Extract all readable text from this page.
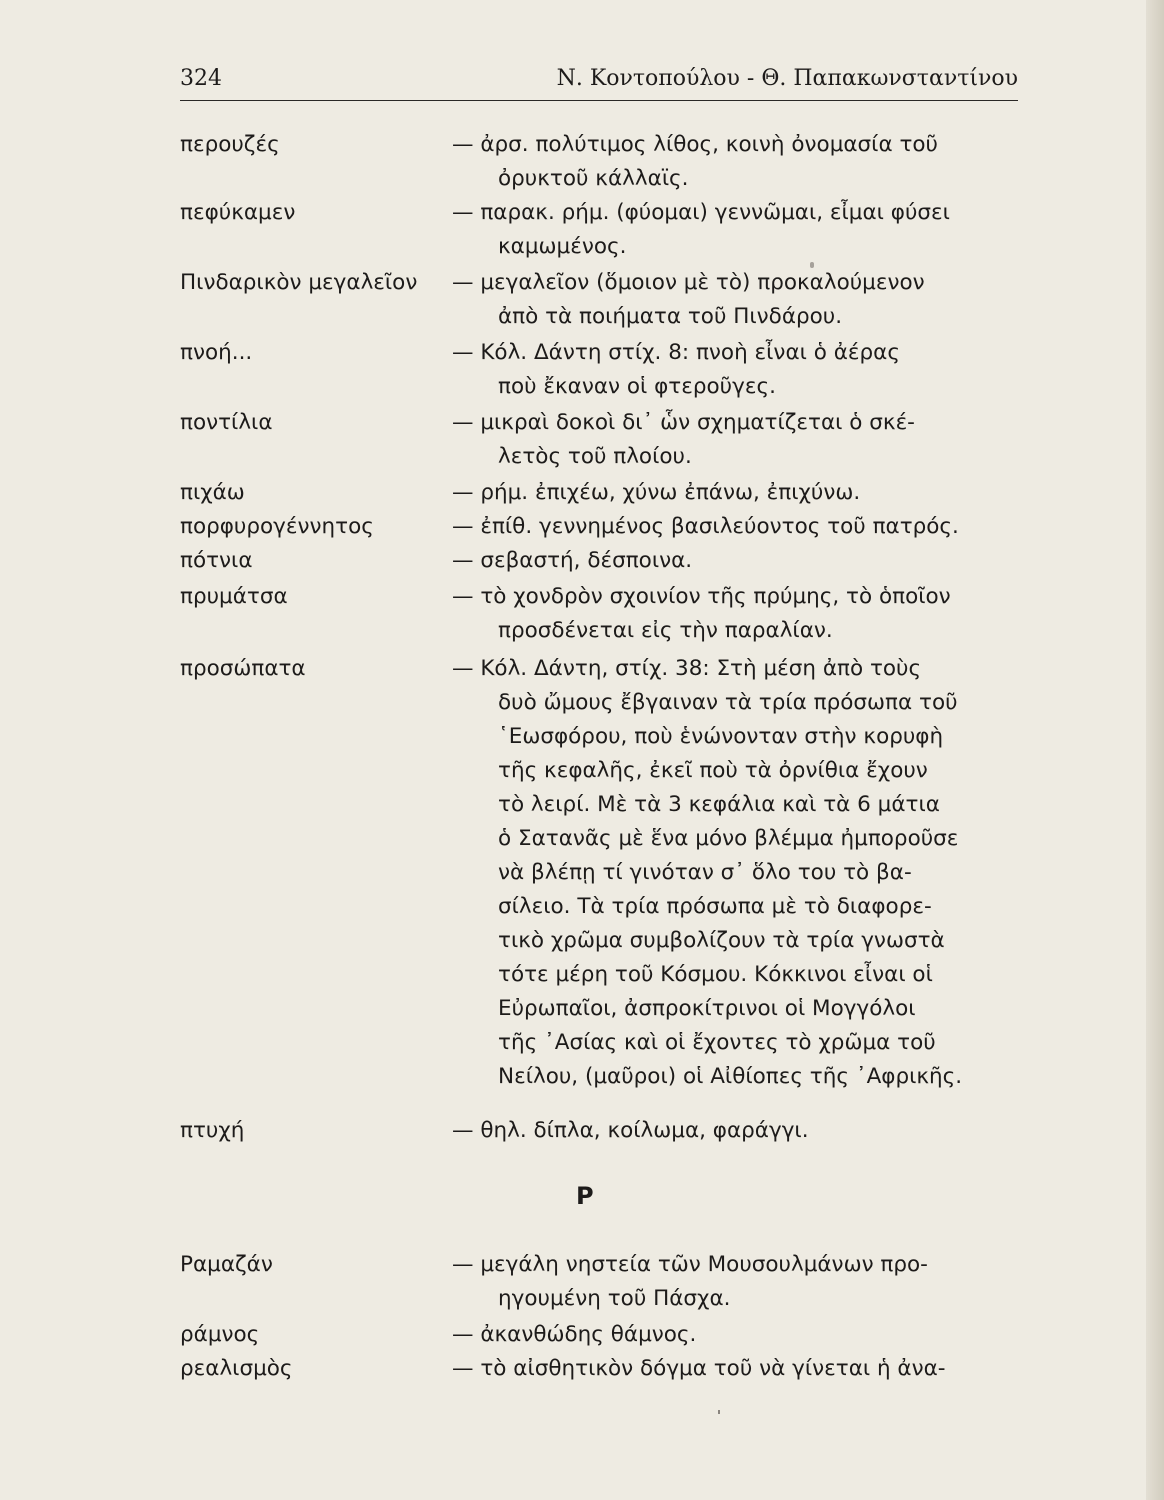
324	Ν. Κοντοπούλου - Θ. Παπακωνσταντίνου
περουζές	— ἀρσ. πολύτιμος λίθος, κοινὴ ὀνομασία τοῦ
ὀρυκτοῦ κάλλαϊς.
πεφύκαμεν	— παρακ. ρήμ. (φύομαι) γεννῶμαι, εἶμαι φύσει
καμωμένος.
Πινδαρικὸν μεγαλεῖον — μεγαλεῖον (ὅμοιον μὲ τὸ) προκαλούμενον
ἀπὸ τὰ ποιήματα τοῦ Πινδάρου.
πνοή...	— Κόλ. Δάντη στίχ. 8: πνοὴ εἶναι ὁ ἀέρας
ποὺ ἔκαναν οἱ φτεροῦγες.
ποντίλια	— μικραὶ δοκοὶ δι᾽ ὧν σχηματίζεται ὁ σκέ-
λετὸς τοῦ πλοίου.
πιχάω	— ρήμ. ἐπιχέω, χύνω ἐπάνω, ἐπιχύνω.
πορφυρογέννητος	— ἐπίθ. γεννημένος βασιλεύοντος τοῦ πατρός.
πότνια	— σεβαστή, δέσποινα.
πρυμάτσα	— τὸ χονδρὸν σχοινίον τῆς πρύμης, τὸ ὁποῖον
προσδένεται εἰς τὴν παραλίαν.
προσώπατα	— Κόλ. Δάντη, στίχ. 38: Στὴ μέση ἀπὸ τοὺς
δυὸ ὤμους ἔβγαιναν τὰ τρία πρόσωπα τοῦ
῾Εωσφόρου, ποὺ ἑνώνονταν στὴν κορυφὴ
τῆς κεφαλῆς, ἐκεῖ ποὺ τὰ ὀρνίθια ἔχουν
τὸ λειρί. Μὲ τὰ 3 κεφάλια καὶ τὰ 6 μάτια
ὁ Σατανᾶς μὲ ἕνα μόνο βλέμμα ἠμποροῦσε
νὰ βλέπῃ τί γινόταν σ᾽ ὅλο του τὸ βα-
σίλειο. Τὰ τρία πρόσωπα μὲ τὸ διαφορε-
τικὸ χρῶμα συμβολίζουν τὰ τρία γνωστὰ
τότε μέρη τοῦ Κόσμου. Κόκκινοι εἶναι οἱ
Εὐρωπαῖοι, ἀσπροκίτρινοι οἱ Μογγόλοι
τῆς ᾿Ασίας καὶ οἱ ἔχοντες τὸ χρῶμα τοῦ
Νείλου, (μαῦροι) οἱ Αἰθίοπες τῆς ᾿Αφρικῆς.
πτυχή	— θηλ. δίπλα, κοίλωμα, φαράγγι.
Ρ
Ραμαζάν	— μεγάλη νηστεία τῶν Μουσουλμάνων προ-
ηγουμένη τοῦ Πάσχα.
ράμνος	— ἀκανθώδης θάμνος.
ρεαλισμὸς	— τὸ αἰσθητικὸν δόγμα τοῦ νὰ γίνεται ἡ ἀνα-
